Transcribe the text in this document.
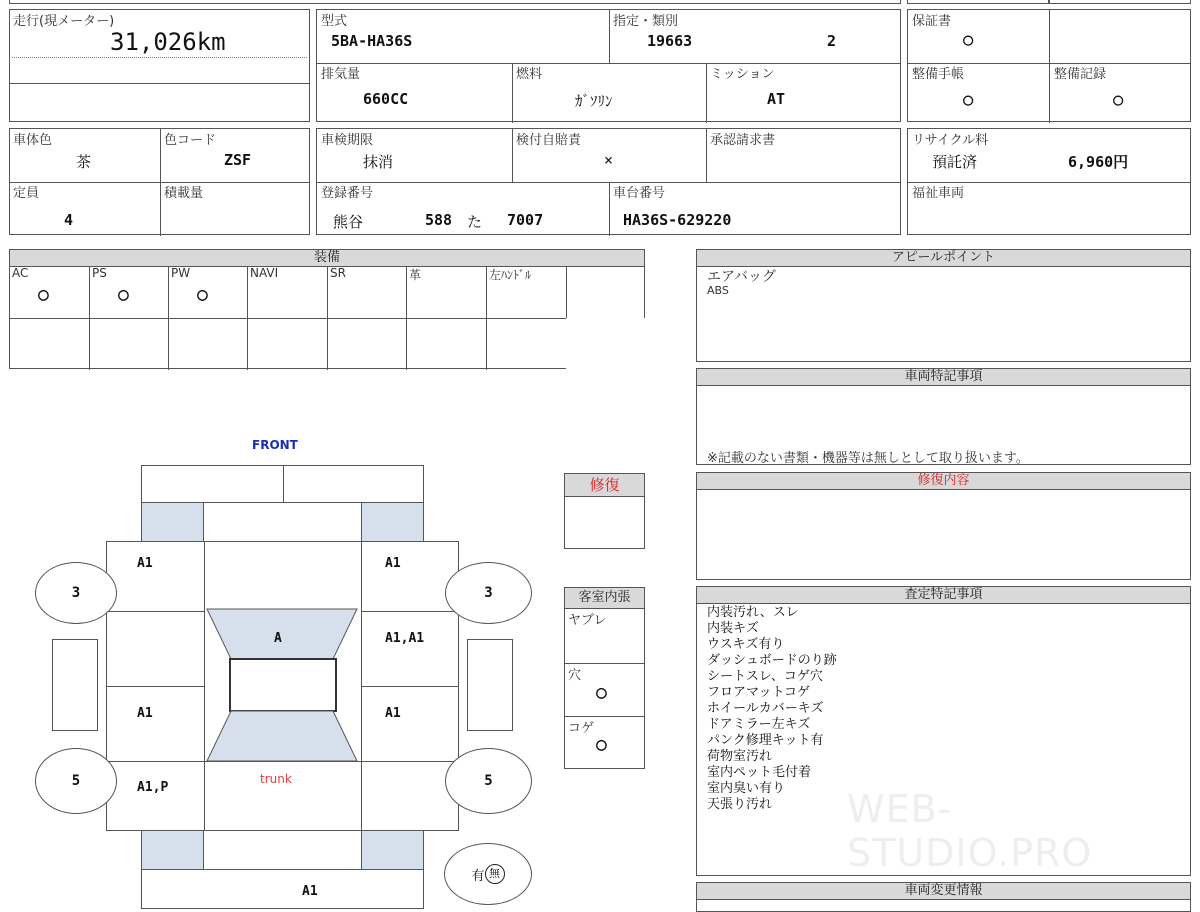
走行(現メーター)
31,026km
型式
5BA-HA36S
指定・類別
19663	2
排気量
660CC
燃料
ｶﾞｿﾘﾝ
ミッション
AT
保証書
○
整備手帳
○
整備記録
○
車体色
茶
色コード
ZSF
定員
4
積載量
車検期限
抹消
検付自賠責
×
承認請求書
登録番号
熊谷	588 た 7007
車台番号
HA36S-629220
リサイクル料
預託済	6,960円
福祉車両
装備
AC
○
PS
○
PW
○
NAVI	SR	革	左ﾊﾝﾄﾞﾙ
アピールポイント
エアバッグ
ABS
車両特記事項
※記載のない書類・機器等は無しとして取り扱います。
修復内容
査定特記事項
内装汚れ、スレ
内装キズ
ウスキズ有り
ダッシュボードのり跡
シートスレ、コゲ穴
フロアマットコゲ
ホイールカバーキズ
ドアミラー左キズ
パンク修理キット有
荷物室汚れ
室内ペット毛付着
室内臭い有り
天張り汚れ	WEB-STUDIO.PRO
車両変更情報
修復
客室内張
ヤブレ
穴
○
コゲ
○
FRONT
A1	A1
A	A1,A1
A1	A1
A1,P
trunk
3	3
5	5
A1
有 無
